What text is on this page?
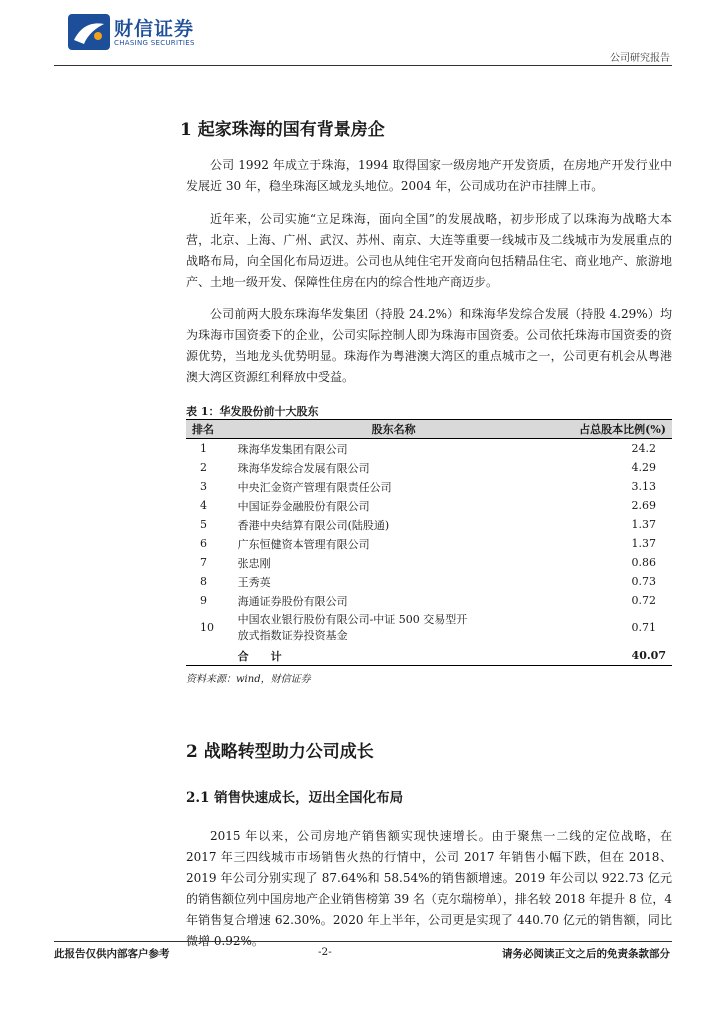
财信证券
CHASING SECURITIES
公司研究报告
1 起家珠海的国有背景房企

公司 1992 年成立于珠海，1994 取得国家一级房地产开发资质，在房地产开发行业中发展近 30 年，稳坐珠海区域龙头地位。2004 年，公司成功在沪市挂牌上市。

近年来，公司实施“立足珠海，面向全国”的发展战略，初步形成了以珠海为战略大本营，北京、上海、广州、武汉、苏州、南京、大连等重要一线城市及二线城市为发展重点的战略布局，向全国化布局迈进。公司也从纯住宅开发商向包括精品住宅、商业地产、旅游地产、土地一级开发、保障性住房在内的综合性地产商迈步。

公司前两大股东珠海华发集团（持股 24.2%）和珠海华发综合发展（持股 4.29%）均为珠海市国资委下的企业，公司实际控制人即为珠海市国资委。公司依托珠海市国资委的资源优势，当地龙头优势明显。珠海作为粤港澳大湾区的重点城市之一，公司更有机会从粤港澳大湾区资源红利释放中受益。

表 1：华发股份前十大股东
排名	股东名称	占总股本比例(%)
1	珠海华发集团有限公司	24.2
2	珠海华发综合发展有限公司	4.29
3	中央汇金资产管理有限责任公司	3.13
4	中国证券金融股份有限公司	2.69
5	香港中央结算有限公司(陆股通)	1.37
6	广东恒健资本管理有限公司	1.37
7	张忠刚	0.86
8	王秀英	0.73
9	海通证券股份有限公司	0.72
10	中国农业银行股份有限公司-中证 500 交易型开放式指数证券投资基金	0.71
	合　　计	40.07
资料来源：wind，财信证券
2 战略转型助力公司成长
2.1 销售快速成长，迈出全国化布局

2015 年以来，公司房地产销售额实现快速增长。由于聚焦一二线的定位战略，在 2017 年三四线城市市场销售火热的行情中，公司 2017 年销售小幅下跌，但在 2018、2019 年公司分别实现了 87.64%和 58.54%的销售额增速。2019 年公司以 922.73 亿元的销售额位列中国房地产企业销售榜第 39 名（克尔瑞榜单），排名较 2018 年提升 8 位，4 年销售复合增速 62.30%。2020 年上半年，公司更是实现了 440.70 亿元的销售额，同比微增 0.92%。

此报告仅供内部客户参考	-2-	请务必阅读正文之后的免责条款部分
